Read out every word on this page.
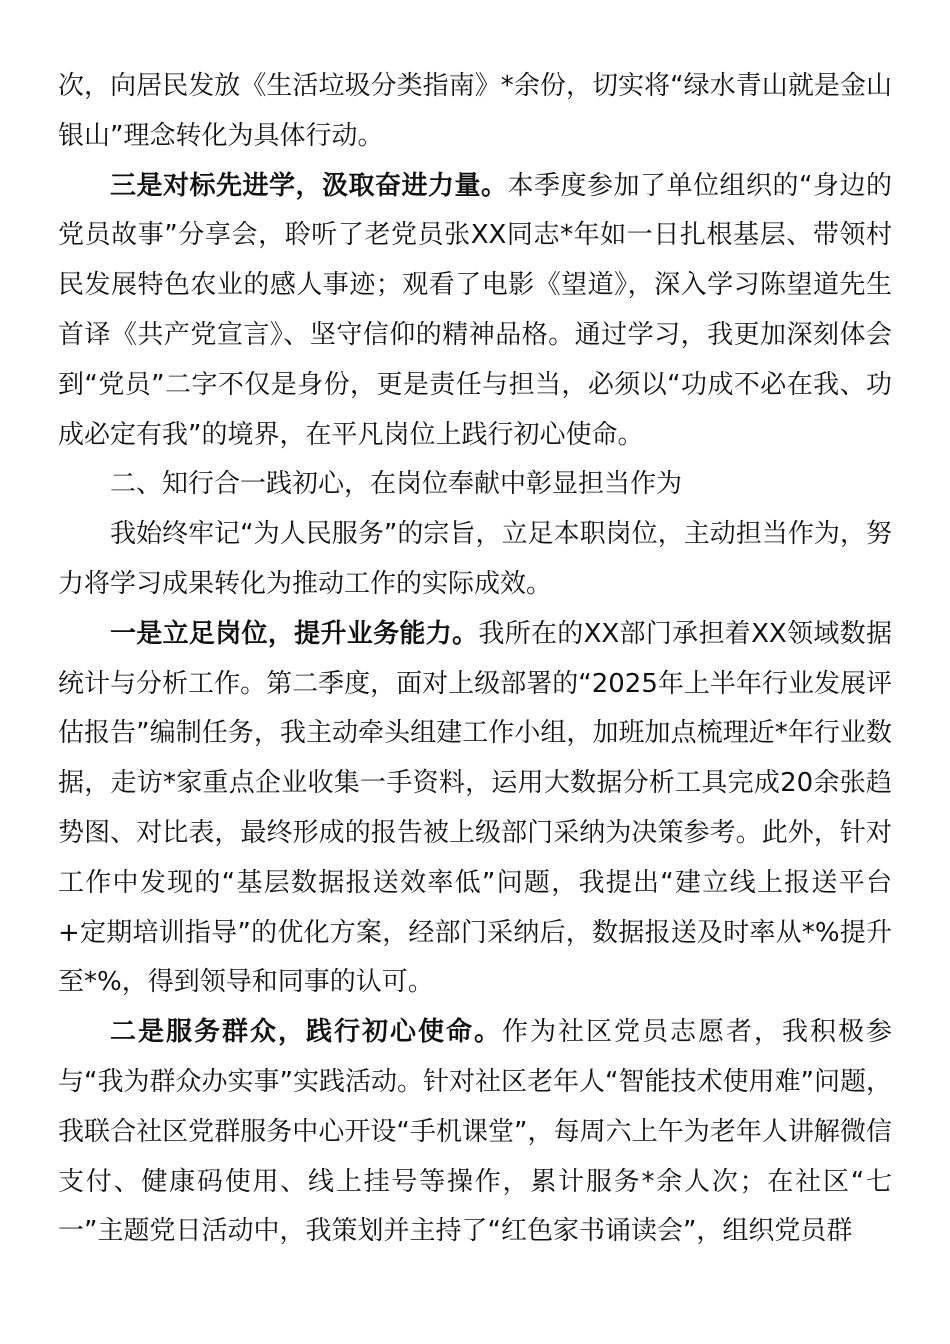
次，向居民发放《生活垃圾分类指南》*余份，切实将“绿水青山就是金山银山”理念转化为具体行动。

三是对标先进学，汲取奋进力量。本季度参加了单位组织的“身边的党员故事”分享会，聆听了老党员张XX同志*年如一日扎根基层、带领村民发展特色农业的感人事迹；观看了电影《望道》，深入学习陈望道先生首译《共产党宣言》、坚守信仰的精神品格。通过学习，我更加深刻体会到“党员”二字不仅是身份，更是责任与担当，必须以“功成不必在我、功成必定有我”的境界，在平凡岗位上践行初心使命。

二、知行合一践初心，在岗位奉献中彰显担当作为

我始终牢记“为人民服务”的宗旨，立足本职岗位，主动担当作为，努力将学习成果转化为推动工作的实际成效。

一是立足岗位，提升业务能力。我所在的XX部门承担着XX领域数据统计与分析工作。第二季度，面对上级部署的“2025年上半年行业发展评估报告”编制任务，我主动牵头组建工作小组，加班加点梳理近*年行业数据，走访*家重点企业收集一手资料，运用大数据分析工具完成20余张趋势图、对比表，最终形成的报告被上级部门采纳为决策参考。此外，针对工作中发现的“基层数据报送效率低”问题，我提出“建立线上报送平台+定期培训指导”的优化方案，经部门采纳后，数据报送及时率从*%提升至*%，得到领导和同事的认可。

二是服务群众，践行初心使命。作为社区党员志愿者，我积极参与“我为群众办实事”实践活动。针对社区老年人“智能技术使用难”问题，我联合社区党群服务中心开设“手机课堂”，每周六上午为老年人讲解微信支付、健康码使用、线上挂号等操作，累计服务*余人次；在社区“七一”主题党日活动中，我策划并主持了“红色家书诵读会”，组织党员群
